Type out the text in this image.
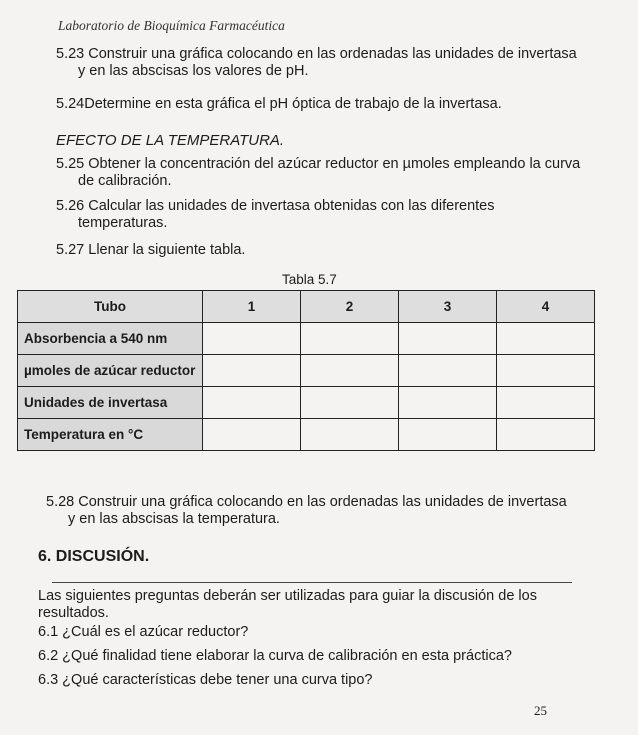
Laboratorio de Bioquímica Farmacéutica
5.23 Construir una gráfica colocando en las ordenadas las unidades de invertasa
y en las abscisas los valores de pH.
5.24Determine en esta gráfica el pH óptica de trabajo de la invertasa.
EFECTO DE LA TEMPERATURA.
5.25 Obtener la concentración del azúcar reductor en µmoles empleando la curva
de calibración.
5.26 Calcular las unidades de invertasa obtenidas con las diferentes
temperaturas.
5.27 Llenar la siguiente tabla.
Tabla 5.7
Tubo	1	2	3	4
Absorbencia a 540 nm				
µmoles de azúcar reductor				
Unidades de invertasa				
Temperatura en °C				
5.28 Construir una gráfica colocando en las ordenadas las unidades de invertasa
y en las abscisas la temperatura.
6. DISCUSIÓN.
Las siguientes preguntas deberán ser utilizadas para guiar la discusión de los
resultados.
6.1 ¿Cuál es el azúcar reductor?
6.2 ¿Qué finalidad tiene elaborar la curva de calibración en esta práctica?
6.3 ¿Qué características debe tener una curva tipo?
25
